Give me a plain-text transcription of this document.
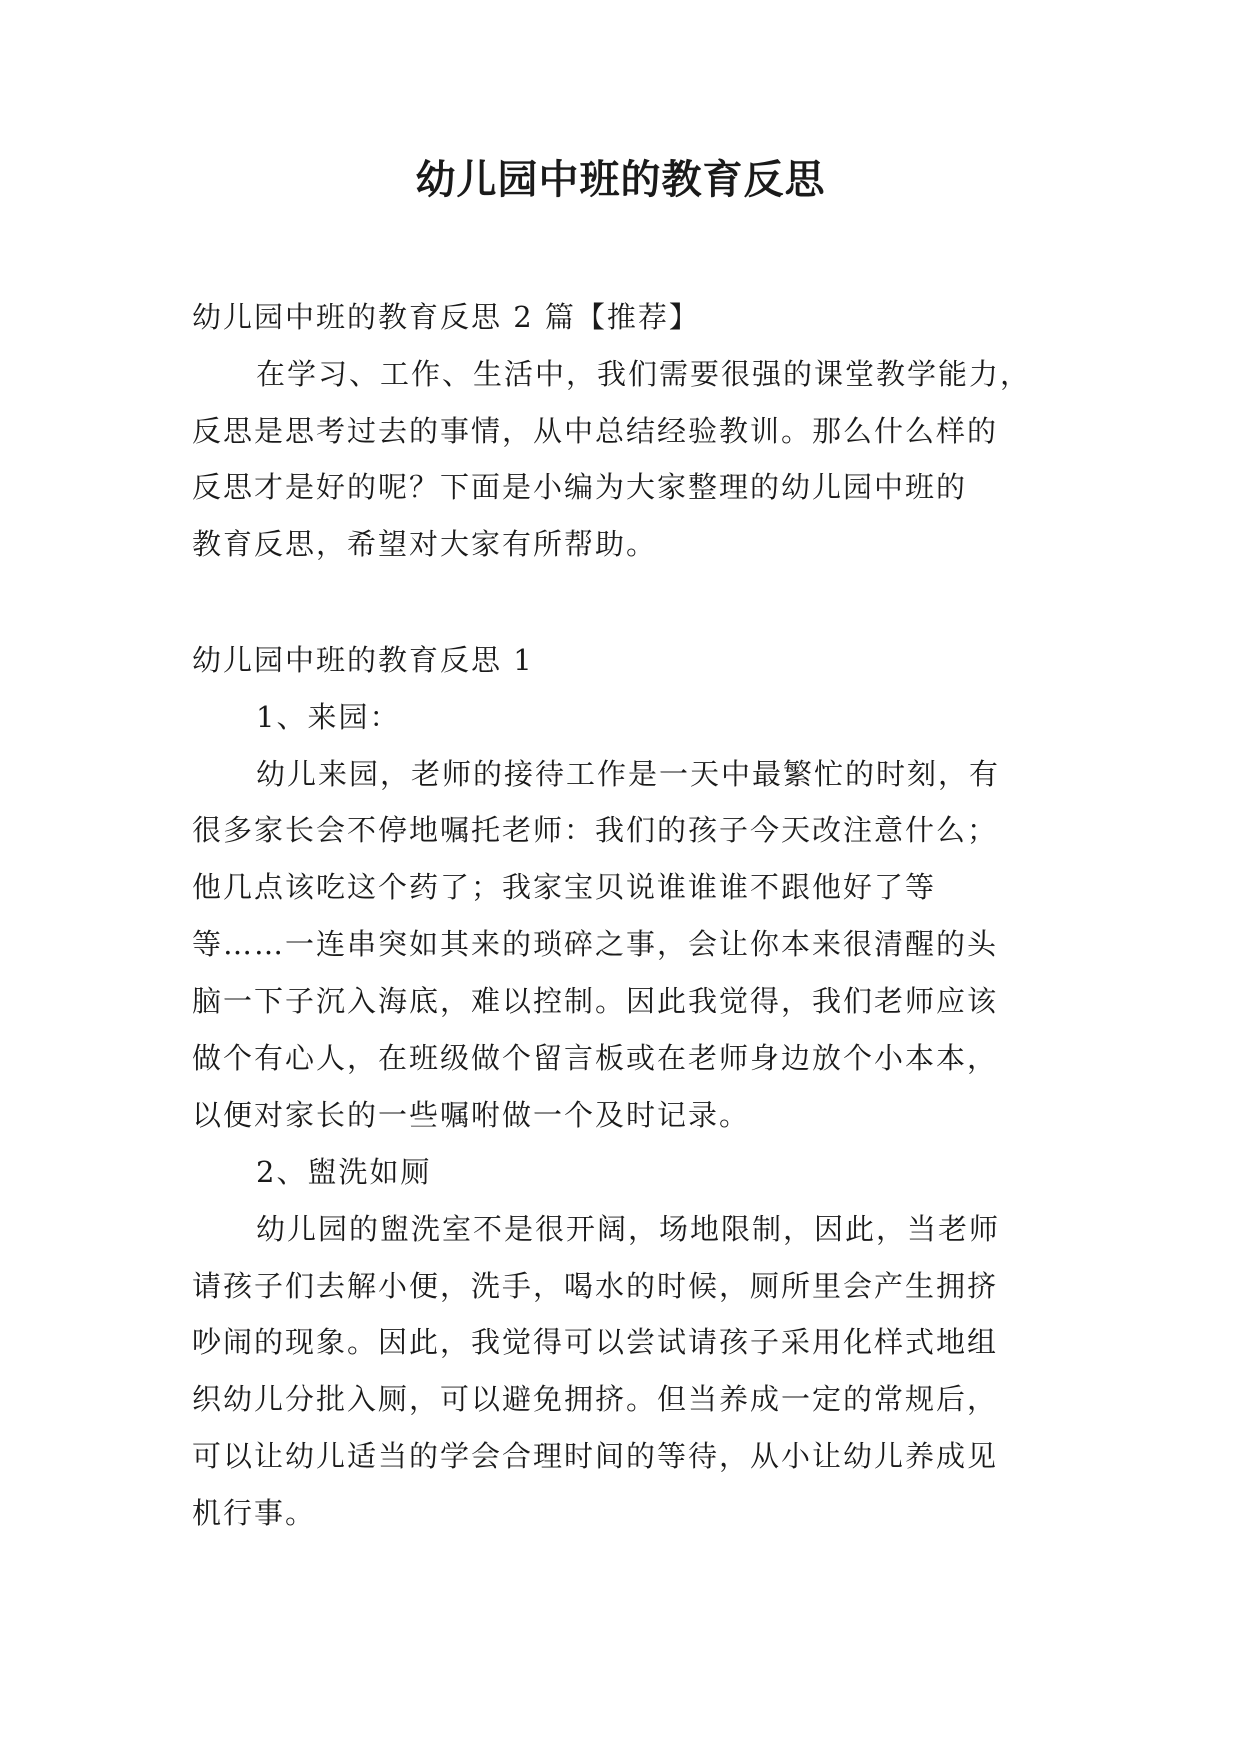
幼儿园中班的教育反思
幼儿园中班的教育反思 2 篇【推荐】
在学习、工作、生活中，我们需要很强的课堂教学能力，
反思是思考过去的事情，从中总结经验教训。那么什么样的
反思才是好的呢？下面是小编为大家整理的幼儿园中班的
教育反思，希望对大家有所帮助。
幼儿园中班的教育反思 1
1、来园：
幼儿来园，老师的接待工作是一天中最繁忙的时刻，有
很多家长会不停地嘱托老师：我们的孩子今天改注意什么；
他几点该吃这个药了；我家宝贝说谁谁谁不跟他好了等
等……一连串突如其来的琐碎之事，会让你本来很清醒的头
脑一下子沉入海底，难以控制。因此我觉得，我们老师应该
做个有心人，在班级做个留言板或在老师身边放个小本本，
以便对家长的一些嘱咐做一个及时记录。
2、盥洗如厕
幼儿园的盥洗室不是很开阔，场地限制，因此，当老师
请孩子们去解小便，洗手，喝水的时候，厕所里会产生拥挤
吵闹的现象。因此，我觉得可以尝试请孩子采用化样式地组
织幼儿分批入厕，可以避免拥挤。但当养成一定的常规后，
可以让幼儿适当的学会合理时间的等待，从小让幼儿养成见
机行事。
